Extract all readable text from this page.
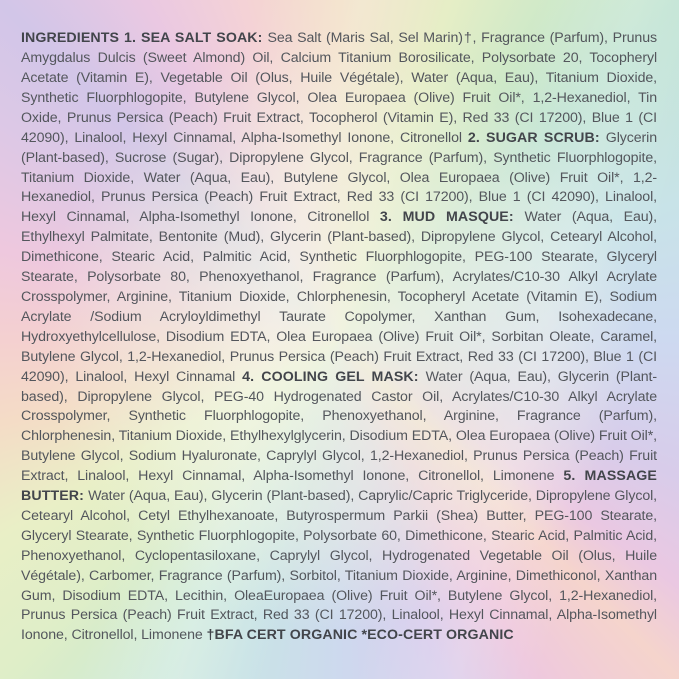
INGREDIENTS 1. SEA SALT SOAK: Sea Salt (Maris Sal, Sel Marin)†, Fragrance (Parfum), Prunus Amygdalus Dulcis (Sweet Almond) Oil, Calcium Titanium Borosilicate, Polysorbate 20, Tocopheryl Acetate (Vitamin E), Vegetable Oil (Olus, Huile Végétale), Water (Aqua, Eau), Titanium Dioxide, Synthetic Fluorphlogopite, Butylene Glycol, Olea Europaea (Olive) Fruit Oil*, 1,2-Hexanediol, Tin Oxide, Prunus Persica (Peach) Fruit Extract, Tocopherol (Vitamin E), Red 33 (CI 17200), Blue 1 (CI 42090), Linalool, Hexyl Cinnamal, Alpha-Isomethyl Ionone, Citronellol 2. SUGAR SCRUB: Glycerin (Plant-based), Sucrose (Sugar), Dipropylene Glycol, Fragrance (Parfum), Synthetic Fluorphlogopite, Titanium Dioxide, Water (Aqua, Eau), Butylene Glycol, Olea Europaea (Olive) Fruit Oil*, 1,2-Hexanediol, Prunus Persica (Peach) Fruit Extract, Red 33 (CI 17200), Blue 1 (CI 42090), Linalool, Hexyl Cinnamal, Alpha-Isomethyl Ionone, Citronellol 3. MUD MASQUE: Water (Aqua, Eau), Ethylhexyl Palmitate, Bentonite (Mud), Glycerin (Plant-based), Dipropylene Glycol, Cetearyl Alcohol, Dimethicone, Stearic Acid, Palmitic Acid, Synthetic Fluorphlogopite, PEG-100 Stearate, Glyceryl Stearate, Polysorbate 80, Phenoxyethanol, Fragrance (Parfum), Acrylates/C10-30 Alkyl Acrylate Crosspolymer, Arginine, Titanium Dioxide, Chlorphenesin, Tocopheryl Acetate (Vitamin E), Sodium Acrylate /Sodium Acryloyldimethyl Taurate Copolymer, Xanthan Gum, Isohexadecane, Hydroxyethylcellulose, Disodium EDTA, Olea Europaea (Olive) Fruit Oil*, Sorbitan Oleate, Caramel, Butylene Glycol, 1,2-Hexanediol, Prunus Persica (Peach) Fruit Extract, Red 33 (CI 17200), Blue 1 (CI 42090), Linalool, Hexyl Cinnamal 4. COOLING GEL MASK: Water (Aqua, Eau), Glycerin (Plant-based), Dipropylene Glycol, PEG-40 Hydrogenated Castor Oil, Acrylates/C10-30 Alkyl Acrylate Crosspolymer, Synthetic Fluorphlogopite, Phenoxyethanol, Arginine, Fragrance (Parfum), Chlorphenesin, Titanium Dioxide, Ethylhexylglycerin, Disodium EDTA, Olea Europaea (Olive) Fruit Oil*, Butylene Glycol, Sodium Hyaluronate, Caprylyl Glycol, 1,2-Hexanediol, Prunus Persica (Peach) Fruit Extract, Linalool, Hexyl Cinnamal, Alpha-Isomethyl Ionone, Citronellol, Limonene 5. MASSAGE BUTTER: Water (Aqua, Eau), Glycerin (Plant-based), Caprylic/Capric Triglyceride, Dipropylene Glycol, Cetearyl Alcohol, Cetyl Ethylhexanoate, Butyrospermum Parkii (Shea) Butter, PEG-100 Stearate, Glyceryl Stearate, Synthetic Fluorphlogopite, Polysorbate 60, Dimethicone, Stearic Acid, Palmitic Acid, Phenoxyethanol, Cyclopentasiloxane, Caprylyl Glycol, Hydrogenated Vegetable Oil (Olus, Huile Végétale), Carbomer, Fragrance (Parfum), Sorbitol, Titanium Dioxide, Arginine, Dimethiconol, Xanthan Gum, Disodium EDTA, Lecithin, OleaEuropaea (Olive) Fruit Oil*, Butylene Glycol, 1,2-Hexanediol, Prunus Persica (Peach) Fruit Extract, Red 33 (CI 17200), Linalool, Hexyl Cinnamal, Alpha-Isomethyl Ionone, Citronellol, Limonene †BFA CERT ORGANIC *ECO-CERT ORGANIC
